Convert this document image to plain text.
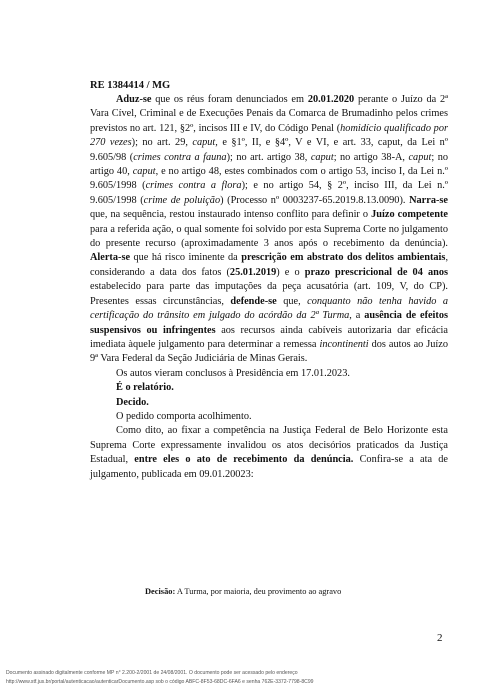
RE 1384414 / MG

Aduz-se que os réus foram denunciados em 20.01.2020 perante o Juízo da 2ª Vara Cível, Criminal e de Execuções Penais da Comarca de Brumadinho pelos crimes previstos no art. 121, §2º, incisos III e IV, do Código Penal (homidício qualificado por 270 vezes); no art. 29, caput, e §1º, II, e §4º, V e VI, e art. 33, caput, da Lei nº 9.605/98 (crimes contra a fauna); no art. artigo 38, caput; no artigo 38-A, caput; no artigo 40, caput, e no artigo 48, estes combinados com o artigo 53, inciso I, da Lei n.º 9.605/1998 (crimes contra a flora); e no artigo 54, § 2º, inciso III, da Lei n.º 9.605/1998 (crime de poluição) (Processo nº 0003237-65.2019.8.13.0090). Narra-se que, na sequência, restou instaurado intenso conflito para definir o Juízo competente para a referida ação, o qual somente foi solvido por esta Suprema Corte no julgamento do presente recurso (aproximadamente 3 anos após o recebimento da denúncia). Alerta-se que há risco iminente da prescrição em abstrato dos delitos ambientais, considerando a data dos fatos (25.01.2019) e o prazo prescricional de 04 anos estabelecido para parte das imputações da peça acusatória (art. 109, V, do CP). Presentes essas circunstâncias, defende-se que, conquanto não tenha havido a certificação do trânsito em julgado do acórdão da 2ª Turma, a ausência de efeitos suspensivos ou infringentes aos recursos ainda cabíveis autorizaria dar eficácia imediata àquele julgamento para determinar a remessa incontinenti dos autos ao Juízo 9ª Vara Federal da Seção Judiciária de Minas Gerais.

Os autos vieram conclusos à Presidência em 17.01.2023.

É o relatório.

Decido.

O pedido comporta acolhimento.

Como dito, ao fixar a competência na Justiça Federal de Belo Horizonte esta Suprema Corte expressamente invalidou os atos decisórios praticados da Justiça Estadual, entre eles o ato de recebimento da denúncia. Confira-se a ata de julgamento, publicada em 09.01.20023:

Decisão: A Turma, por maioria, deu provimento ao agravo
2
Documento assinado digitalmente conforme MP n° 2.200-2/2001 de 24/08/2001. O documento pode ser acessado pelo endereço
http://www.stf.jus.br/portal/autenticacao/autenticarDocumento.asp sob o código ABFC-8F53-68DC-6FA6 e senha 762E-3372-7798-8C99
